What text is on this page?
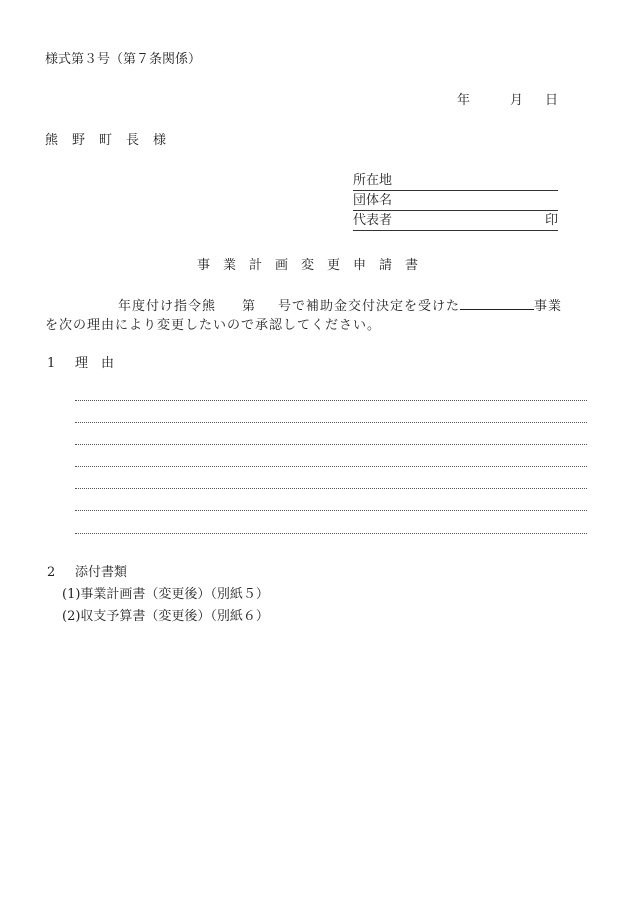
様式第３号（第７条関係）
年	月 日
熊野町長様
所在地
団体名
代表者	印
事業計画変更申請書
年度付け指令熊 第 号で補助金交付決定を受けた	事業
を次の理由により変更したいので承認してください。
1 理　由
2 添付書類
(1)事業計画書（変更後）（別紙５）
(2)収支予算書（変更後）（別紙６）
